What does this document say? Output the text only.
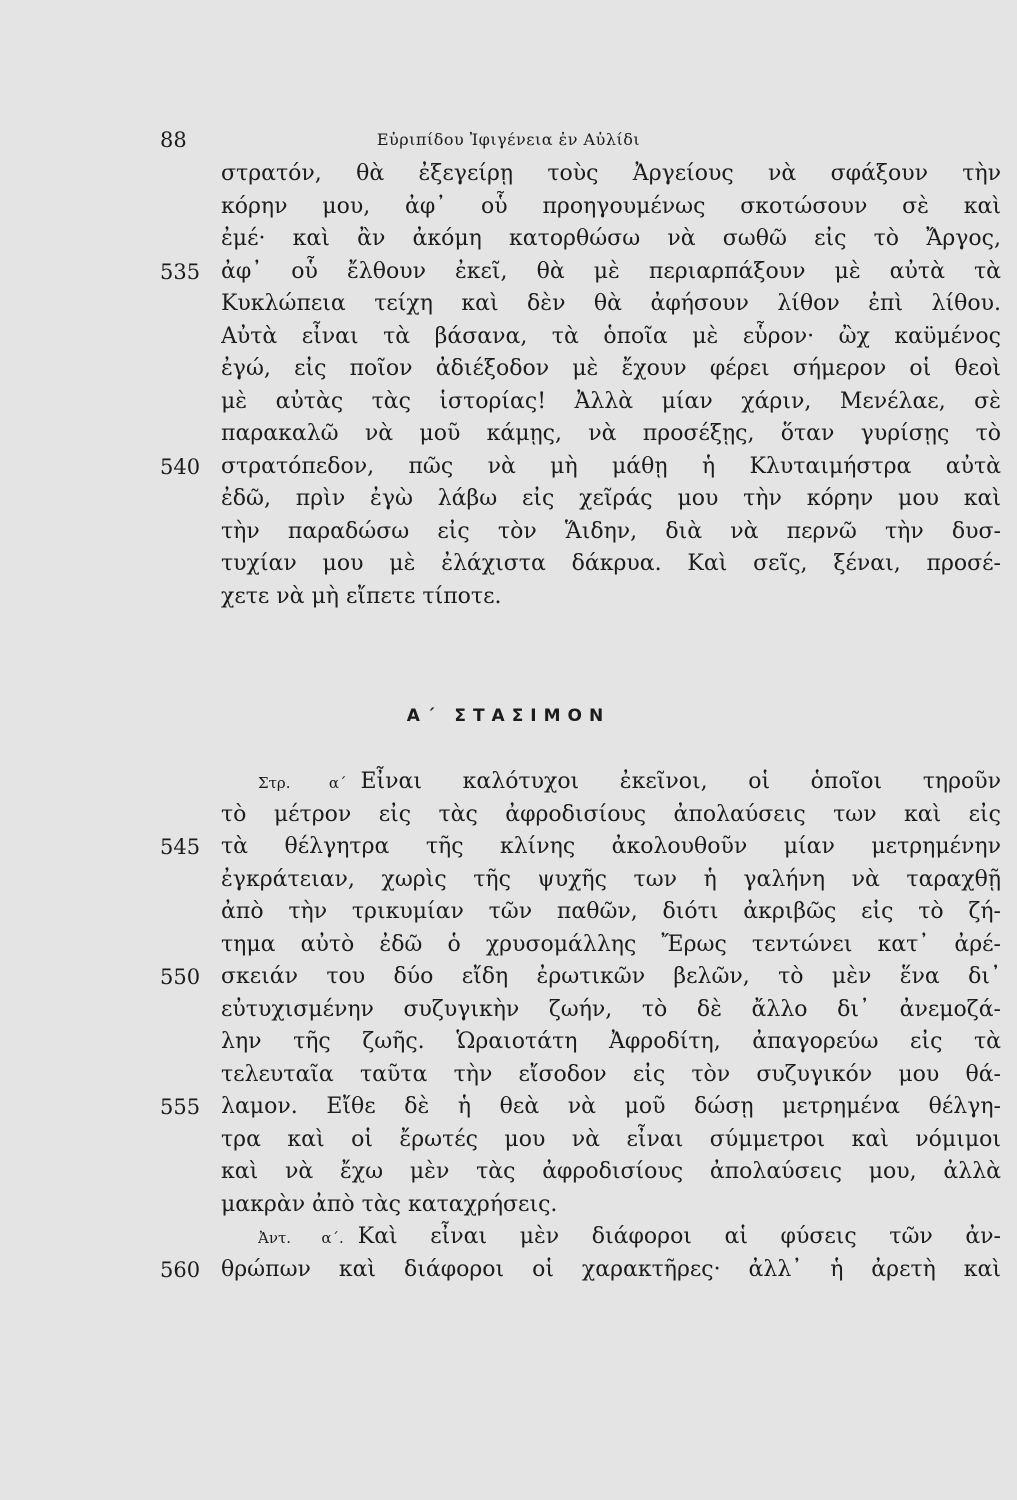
88	Εὐριπίδου Ἰφιγένεια ἐν Αὐλίδι
στρατόν, θὰ ἐξεγείρῃ τοὺς Ἀργείους νὰ σφάξουν τὴν
κόρην μου, ἀφ᾽ οὗ προηγουμένως σκοτώσουν σὲ καὶ
ἐμέ· καὶ ἂν ἀκόμη κατορθώσω νὰ σωθῶ εἰς τὸ Ἄργος,
535 ἀφ᾽ οὗ ἔλθουν ἐκεῖ, θὰ μὲ περιαρπάξουν μὲ αὐτὰ τὰ
Κυκλώπεια τείχη καὶ δὲν θὰ ἀφήσουν λίθον ἐπὶ λίθου.
Αὐτὰ εἶναι τὰ βάσανα, τὰ ὁποῖα μὲ εὗρον· ὢχ καϋμένος
ἐγώ, εἰς ποῖον ἀδιέξοδον μὲ ἔχουν φέρει σήμερον οἱ θεοὶ
μὲ αὐτὰς τὰς ἱστορίας! Ἀλλὰ μίαν χάριν, Μενέλαε, σὲ
παρακαλῶ νὰ μοῦ κάμῃς, νὰ προσέξῃς, ὅταν γυρίσῃς τὸ
540 στρατόπεδον, πῶς νὰ μὴ μάθῃ ἡ Κλυταιμήστρα αὐτὰ
ἐδῶ, πρὶν ἐγὼ λάβω εἰς χεῖράς μου τὴν κόρην μου καὶ
τὴν παραδώσω εἰς τὸν Ἅιδην, διὰ νὰ περνῶ τὴν δυσ-
τυχίαν μου μὲ ἐλάχιστα δάκρυα. Καὶ σεῖς, ξέναι, προσέ-
χετε νὰ μὴ εἴπετε τίποτε.
Α΄ ΣΤΑΣΙΜΟΝ
Στρ. α΄ Εἶναι καλότυχοι ἐκεῖνοι, οἱ ὁποῖοι τηροῦν
τὸ μέτρον εἰς τὰς ἀφροδισίους ἀπολαύσεις των καὶ εἰς
545 τὰ θέλγητρα τῆς κλίνης ἀκολουθοῦν μίαν μετρημένην
ἐγκράτειαν, χωρὶς τῆς ψυχῆς των ἡ γαλήνη νὰ ταραχθῇ
ἀπὸ τὴν τρικυμίαν τῶν παθῶν, διότι ἀκριβῶς εἰς τὸ ζή-
τημα αὐτὸ ἐδῶ ὁ χρυσομάλλης Ἔρως τεντώνει κατ᾽ ἀρέ-
550 σκειάν του δύο εἴδη ἐρωτικῶν βελῶν, τὸ μὲν ἕνα δι᾽
εὐτυχισμένην συζυγικὴν ζωήν, τὸ δὲ ἄλλο δι᾽ ἀνεμοζά-
λην τῆς ζωῆς. Ὡραιοτάτη Ἀφροδίτη, ἀπαγορεύω εἰς τὰ
τελευταῖα ταῦτα τὴν εἴσοδον εἰς τὸν συζυγικόν μου θά-
555 λαμον. Εἴθε δὲ ἡ θεὰ νὰ μοῦ δώσῃ μετρημένα θέλγη-
τρα καὶ οἱ ἔρωτές μου νὰ εἶναι σύμμετροι καὶ νόμιμοι
καὶ νὰ ἔχω μὲν τὰς ἀφροδισίους ἀπολαύσεις μου, ἀλλὰ
μακρὰν ἀπὸ τὰς καταχρήσεις.
Ἀντ. α΄. Καὶ εἶναι μὲν διάφοροι αἱ φύσεις τῶν ἀν-
560 θρώπων καὶ διάφοροι οἱ χαρακτῆρες· ἀλλ᾽ ἡ ἀρετὴ καὶ
